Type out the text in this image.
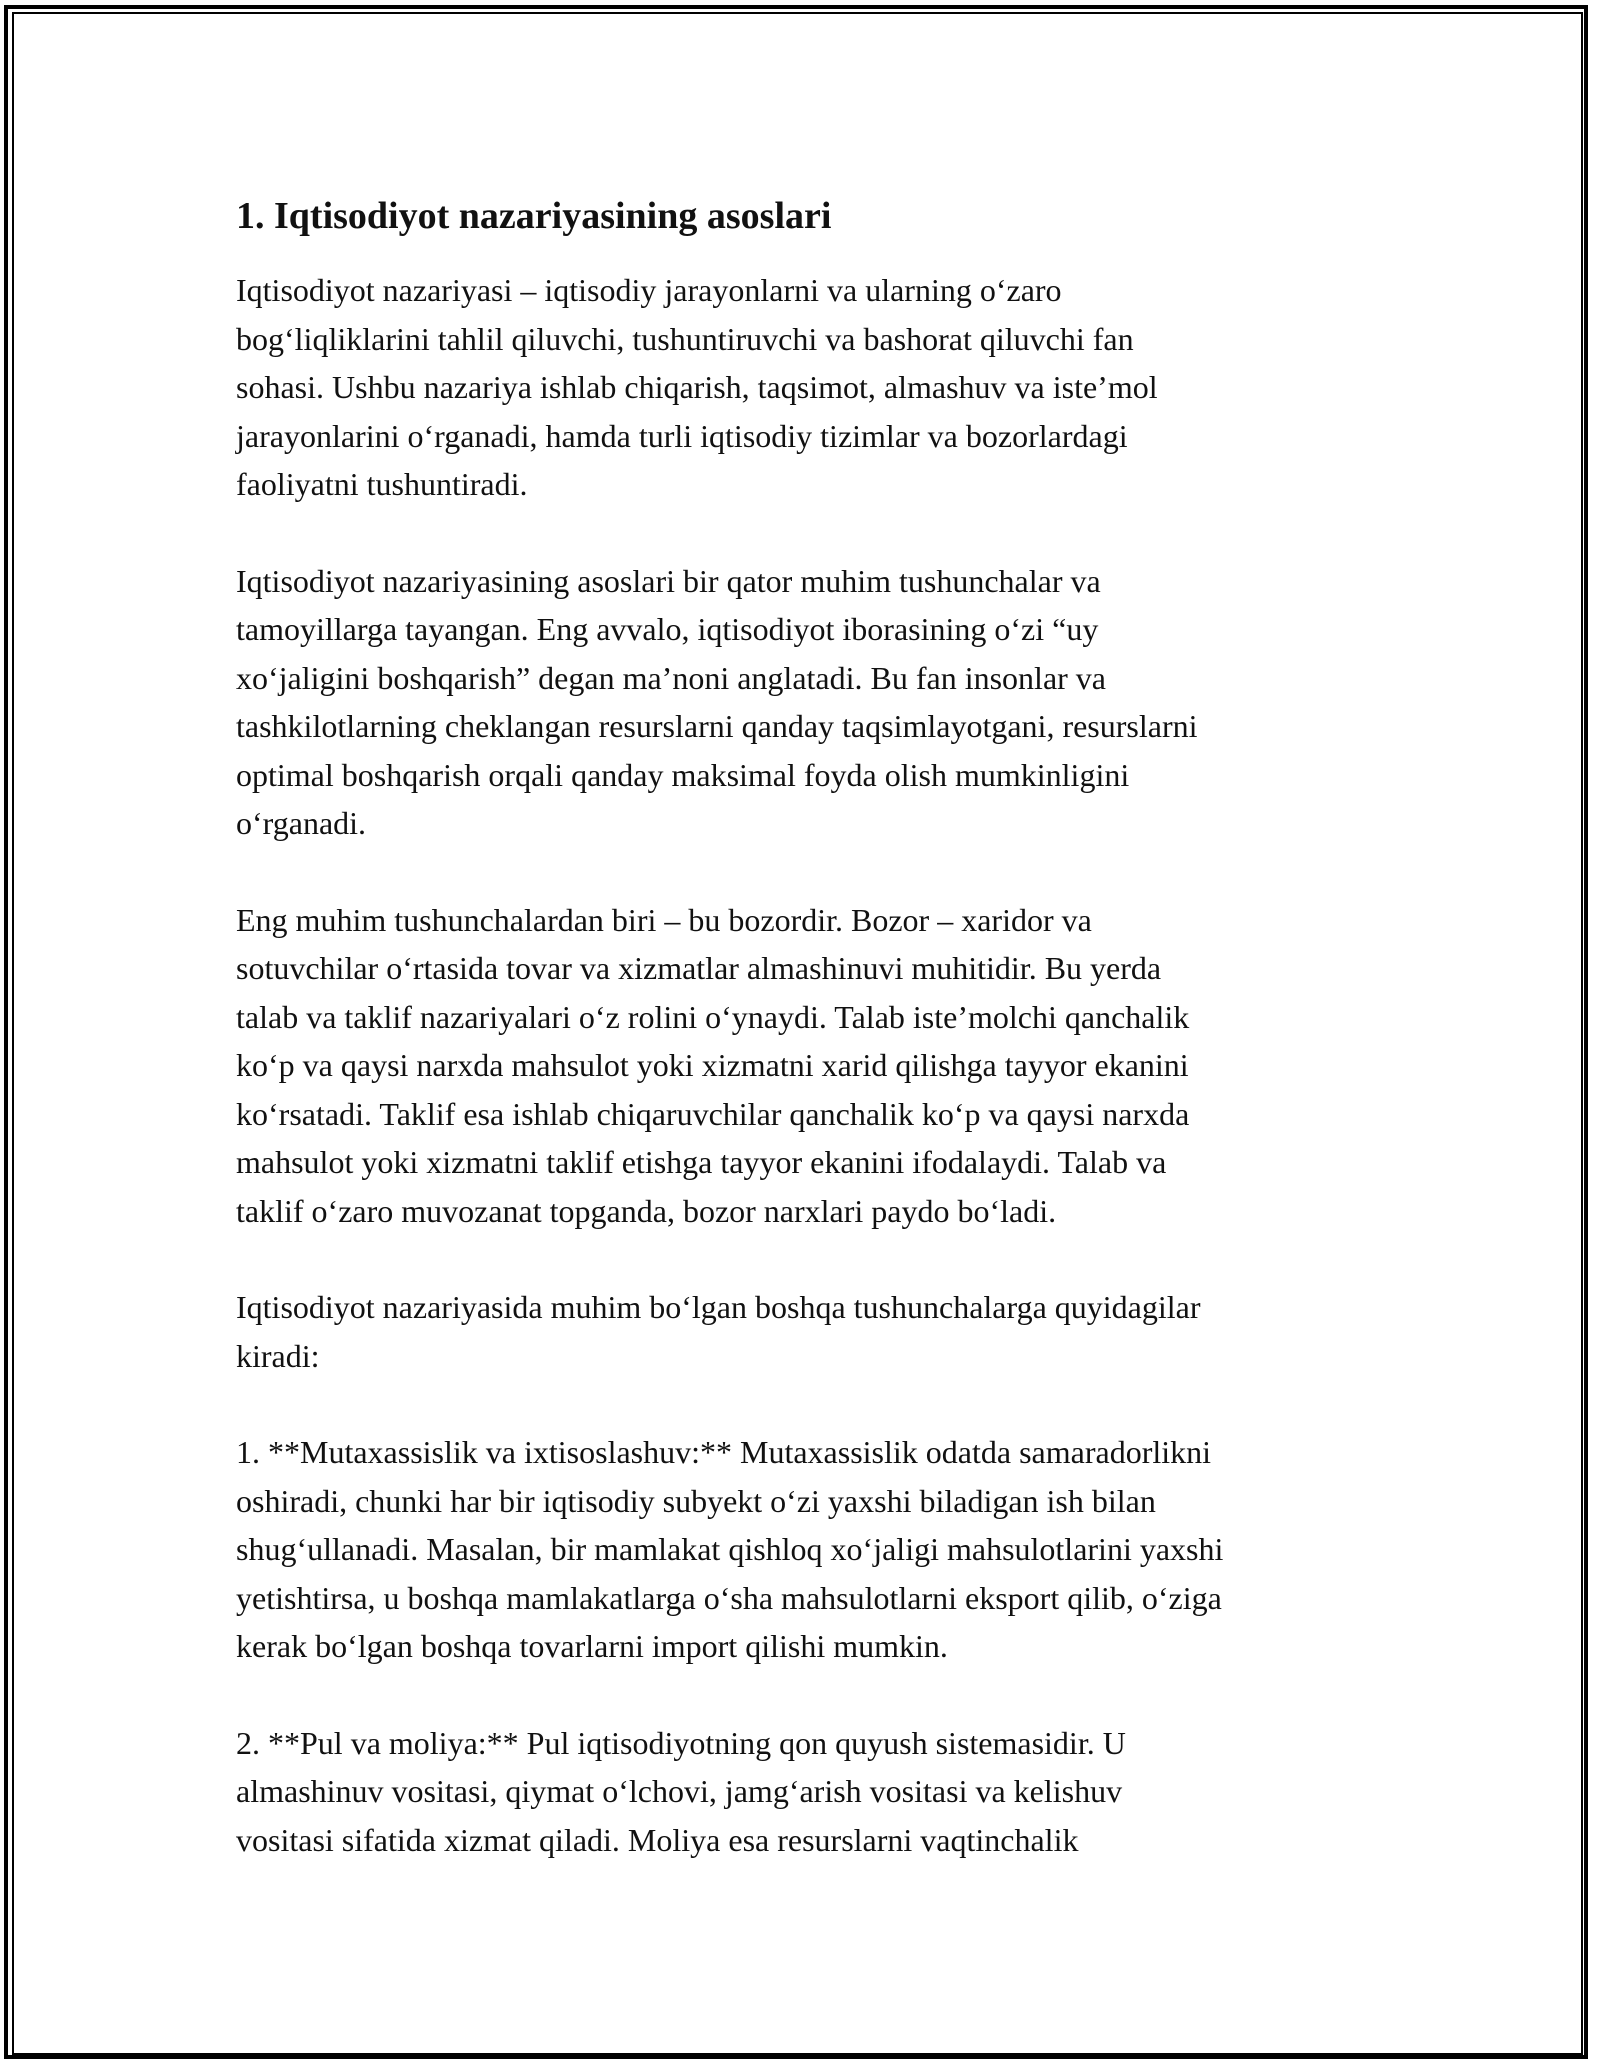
1. Iqtisodiyot nazariyasining asoslari

Iqtisodiyot nazariyasi – iqtisodiy jarayonlarni va ularning o‘zaro
bog‘liqliklarini tahlil qiluvchi, tushuntiruvchi va bashorat qiluvchi fan
sohasi. Ushbu nazariya ishlab chiqarish, taqsimot, almashuv va iste’mol
jarayonlarini o‘rganadi, hamda turli iqtisodiy tizimlar va bozorlardagi
faoliyatni tushuntiradi.

Iqtisodiyot nazariyasining asoslari bir qator muhim tushunchalar va
tamoyillarga tayangan. Eng avvalo, iqtisodiyot iborasining o‘zi “uy
xo‘jaligini boshqarish” degan ma’noni anglatadi. Bu fan insonlar va
tashkilotlarning cheklangan resurslarni qanday taqsimlayotgani, resurslarni
optimal boshqarish orqali qanday maksimal foyda olish mumkinligini
o‘rganadi.

Eng muhim tushunchalardan biri – bu bozordir. Bozor – xaridor va
sotuvchilar o‘rtasida tovar va xizmatlar almashinuvi muhitidir. Bu yerda
talab va taklif nazariyalari o‘z rolini o‘ynaydi. Talab iste’molchi qanchalik
ko‘p va qaysi narxda mahsulot yoki xizmatni xarid qilishga tayyor ekanini
ko‘rsatadi. Taklif esa ishlab chiqaruvchilar qanchalik ko‘p va qaysi narxda
mahsulot yoki xizmatni taklif etishga tayyor ekanini ifodalaydi. Talab va
taklif o‘zaro muvozanat topganda, bozor narxlari paydo bo‘ladi.

Iqtisodiyot nazariyasida muhim bo‘lgan boshqa tushunchalarga quyidagilar
kiradi:

1. **Mutaxassislik va ixtisoslashuv:** Mutaxassislik odatda samaradorlikni
oshiradi, chunki har bir iqtisodiy subyekt o‘zi yaxshi biladigan ish bilan
shug‘ullanadi. Masalan, bir mamlakat qishloq xo‘jaligi mahsulotlarini yaxshi
yetishtirsa, u boshqa mamlakatlarga o‘sha mahsulotlarni eksport qilib, o‘ziga
kerak bo‘lgan boshqa tovarlarni import qilishi mumkin.

2. **Pul va moliya:** Pul iqtisodiyotning qon quyush sistemasidir. U
almashinuv vositasi, qiymat o‘lchovi, jamg‘arish vositasi va kelishuv
vositasi sifatida xizmat qiladi. Moliya esa resurslarni vaqtinchalik
